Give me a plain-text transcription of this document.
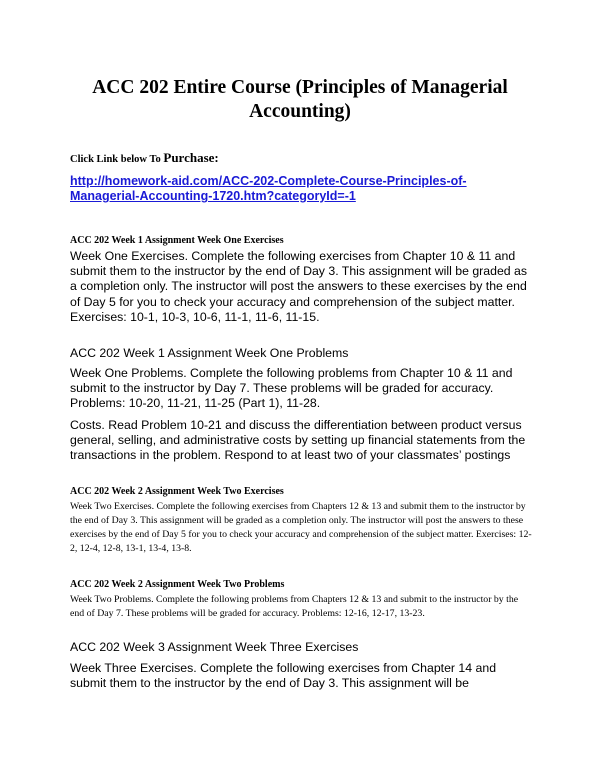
ACC 202 Entire Course (Principles of Managerial Accounting)
Click Link below To Purchase:
http://homework-aid.com/ACC-202-Complete-Course-Principles-of-Managerial-Accounting-1720.htm?categoryId=-1
ACC 202 Week 1 Assignment Week One Exercises
Week One Exercises. Complete the following exercises from Chapter 10 & 11 and submit them to the instructor by the end of Day 3. This assignment will be graded as a completion only. The instructor will post the answers to these exercises by the end of Day 5 for you to check your accuracy and comprehension of the subject matter. Exercises: 10-1, 10-3, 10-6, 11-1, 11-6, 11-15.
ACC 202 Week 1 Assignment Week One Problems
Week One Problems. Complete the following problems from Chapter 10 & 11 and submit to the instructor by Day 7. These problems will be graded for accuracy. Problems: 10-20, 11-21, 11-25 (Part 1), 11-28.
Costs. Read Problem 10-21 and discuss the differentiation between product versus general, selling, and administrative costs by setting up financial statements from the transactions in the problem. Respond to at least two of your classmates’ postings
ACC 202 Week 2 Assignment Week Two Exercises
Week Two Exercises. Complete the following exercises from Chapters 12 & 13 and submit them to the instructor by the end of Day 3. This assignment will be graded as a completion only. The instructor will post the answers to these exercises by the end of Day 5 for you to check your accuracy and comprehension of the subject matter. Exercises: 12-2, 12-4, 12-8, 13-1, 13-4, 13-8.
ACC 202 Week 2 Assignment Week Two Problems
Week Two Problems. Complete the following problems from Chapters 12 & 13 and submit to the instructor by the end of Day 7. These problems will be graded for accuracy. Problems: 12-16, 12-17, 13-23.
ACC 202 Week 3 Assignment Week Three Exercises
Week Three Exercises. Complete the following exercises from Chapter 14 and submit them to the instructor by the end of Day 3. This assignment will be
